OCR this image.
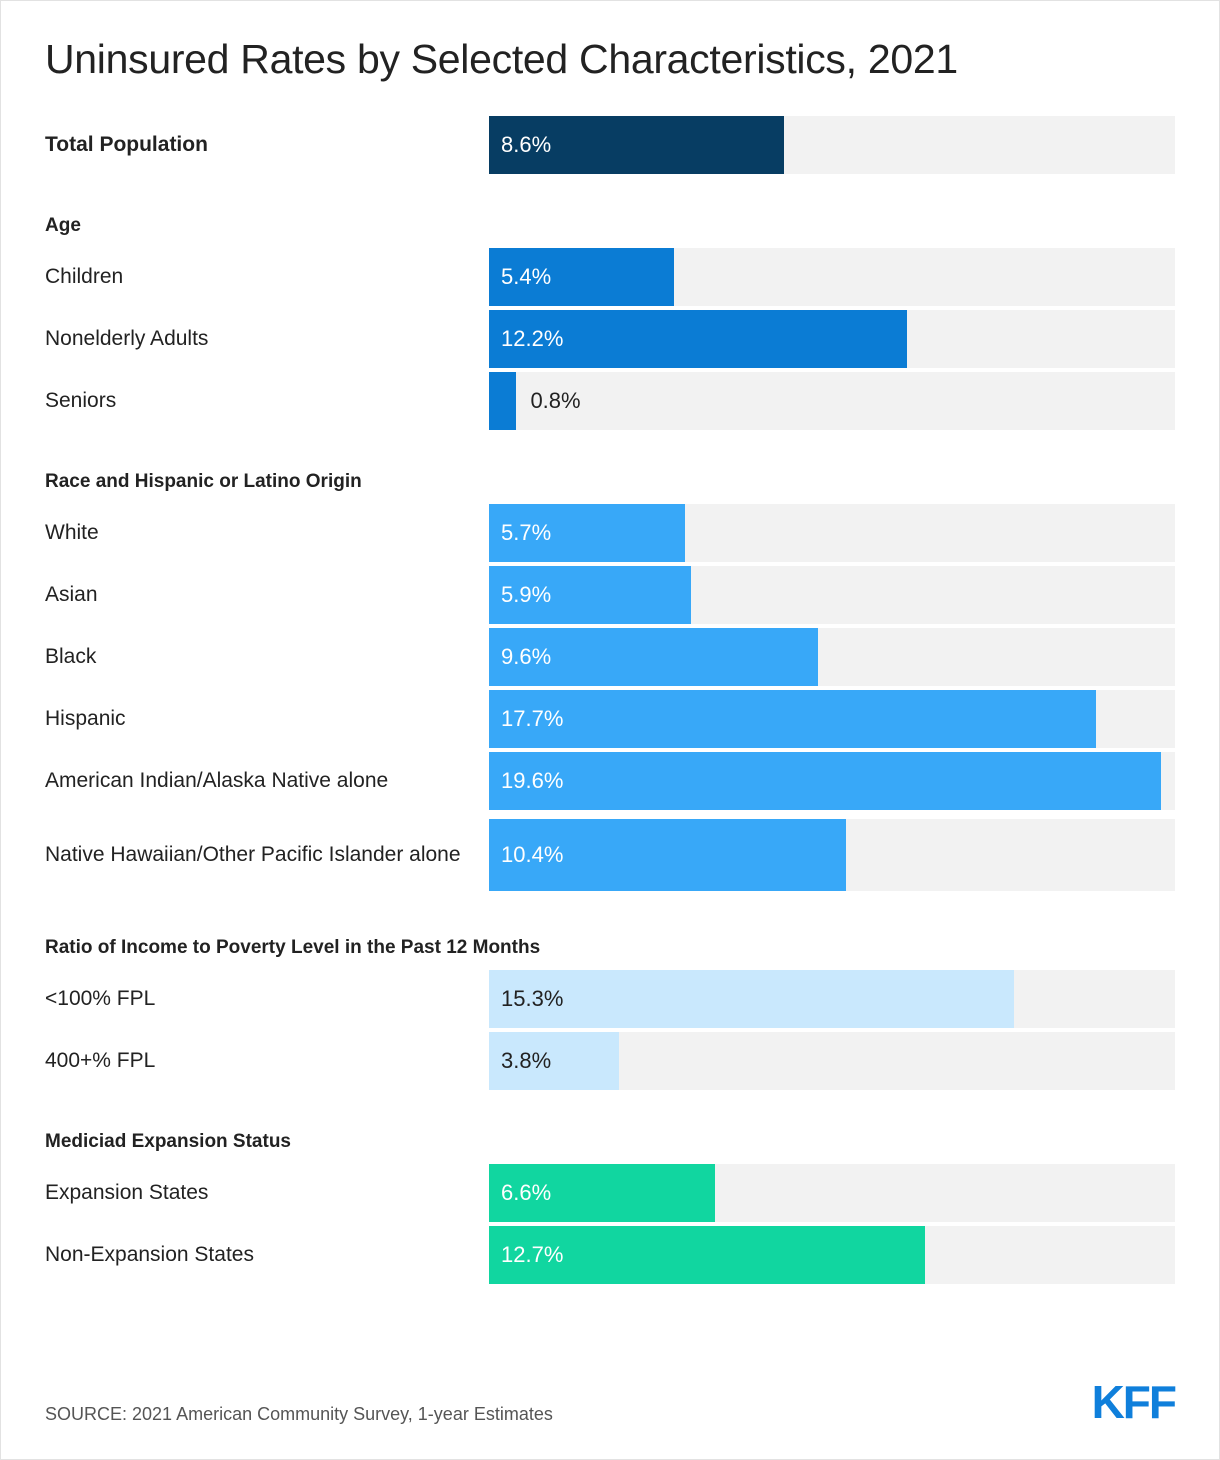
Uninsured Rates by Selected Characteristics, 2021
Total Population	8.6%
Age
Children	5.4%
Nonelderly Adults	12.2%
Seniors	0.8%
Race and Hispanic or Latino Origin
White	5.7%
Asian	5.9%
Black	9.6%
Hispanic	17.7%
American Indian/Alaska Native alone	19.6%
Native Hawaiian/Other Pacific Islander alone	10.4%
Ratio of Income to Poverty Level in the Past 12 Months
<100% FPL	15.3%
400+% FPL	3.8%
Mediciad Expansion Status
Expansion States	6.6%
Non-Expansion States	12.7%
SOURCE: 2021 American Community Survey, 1-year Estimates	KFF
